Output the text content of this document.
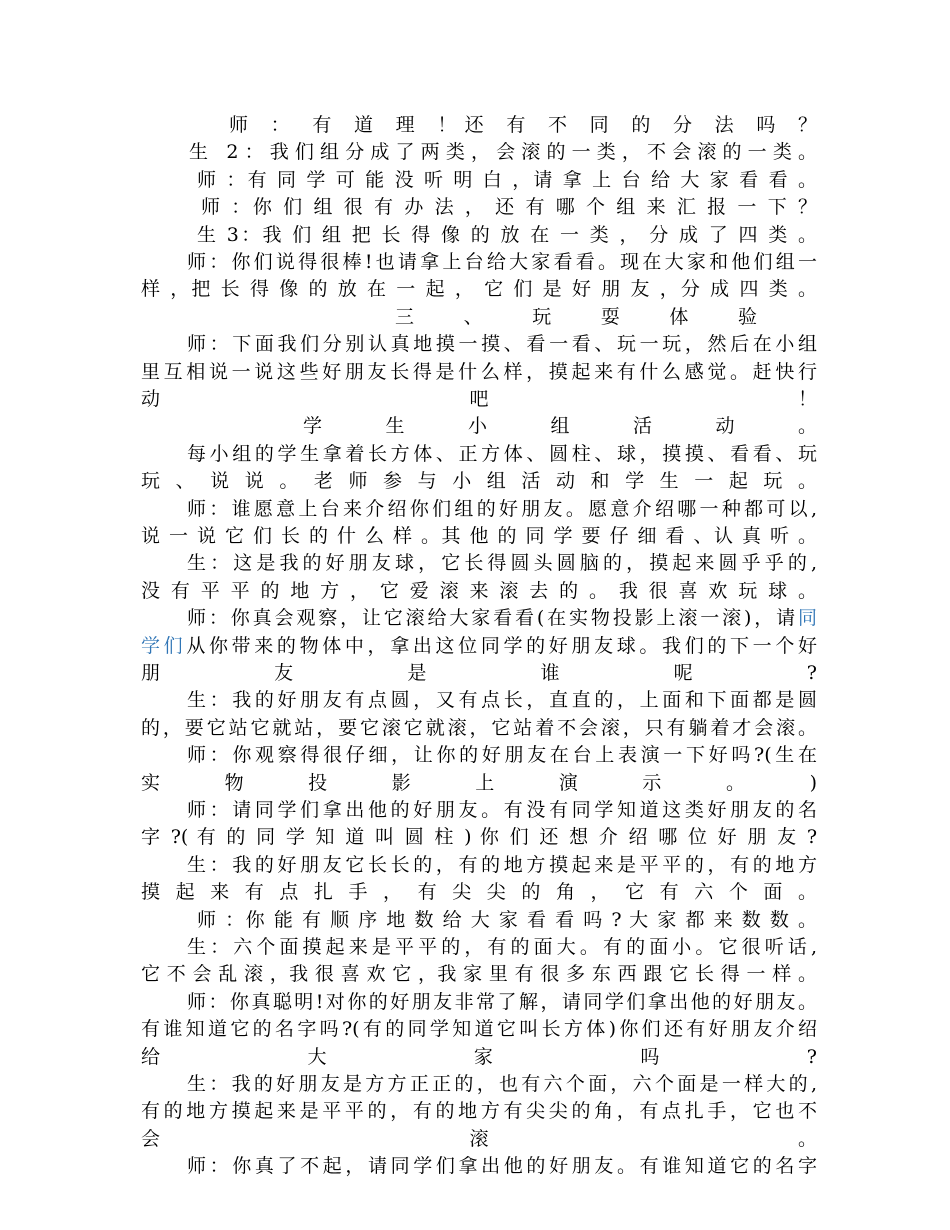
师 ： 有 道 理 ！还 有 不 同 的 分 法 吗 ？
生 2：我们组分成了两类，会滚的一类，不会滚的一类。
师 ：有 同 学 可 能 没 听 明 白 ，请 拿 上 台 给 大 家 看 看 。
师 ：你 们 组 很 有 办 法 ， 还 有 哪 个 组 来 汇 报 一 下 ？
生 3：我 们 组 把 长 得 像 的 放 在 一 类 ， 分 成 了 四 类 。
师：你们说得很棒!也请拿上台给大家看看。现在大家和他们组一
样 ，把 长 得 像 的 放 在 一 起 ， 它 们 是 好 朋 友 ，分 成 四 类 。
三 、 玩 耍 体 验
师：下面我们分别认真地摸一摸、看一看、玩一玩，然后在小组
里互相说一说这些好朋友长得是什么样，摸起来有什么感觉。赶快行
动 吧 ！
学 生 小 组 活 动 。
每小组的学生拿着长方体、正方体、圆柱、球，摸摸、看看、玩
玩 、 说 说 。 老 师 参 与 小 组 活 动 和 学 生 一 起 玩 。
师：谁愿意上台来介绍你们组的好朋友。愿意介绍哪一种都可以,
说 一 说 它 们 长 的 什 么 样 。其 他 的 同 学 要 仔 细 看 、认 真 听 。
生：这是我的好朋友球，它长得圆头圆脑的，摸起来圆乎乎的,
没 有 平 平 的 地 方 ， 它 爱 滚 来 滚 去 的 。 我 很 喜 欢 玩 球 。
师：你真会观察，让它滚给大家看看(在实物投影上滚一滚)，请同
学们从你带来的物体中，拿出这位同学的好朋友球。我们的下一个好
朋 友 是 谁 呢 ?
生：我的好朋友有点圆，又有点长，直直的，上面和下面都是圆
的，要它站它就站，要它滚它就滚，它站着不会滚，只有躺着才会滚。
师：你观察得很仔细，让你的好朋友在台上表演一下好吗?(生在
实 物 投 影 上 演 示 。 )
师：请同学们拿出他的好朋友。有没有同学知道这类好朋友的名
字 ?( 有 的 同 学 知 道 叫 圆 柱 ) 你 们 还 想 介 绍 哪 位 好 朋 友 ?
生：我的好朋友它长长的，有的地方摸起来是平平的，有的地方
摸 起 来 有 点 扎 手 ， 有 尖 尖 的 角 ， 它 有 六 个 面 。
师 ：你 能 有 顺 序 地 数 给 大 家 看 看 吗 ? 大 家 都 来 数 数 。
生：六个面摸起来是平平的，有的面大。有的面小。它很听话,
它 不 会 乱 滚 ，我 很 喜 欢 它 ，我 家 里 有 很 多 东 西 跟 它 长 得 一 样 。
师：你真聪明!对你的好朋友非常了解，请同学们拿出他的好朋友。
有谁知道它的名字吗?(有的同学知道它叫长方体)你们还有好朋友介绍
给 大 家 吗 ?
生：我的好朋友是方方正正的，也有六个面，六个面是一样大的,
有的地方摸起来是平平的，有的地方有尖尖的角，有点扎手，它也不
会 滚 。
师：你真了不起，请同学们拿出他的好朋友。有谁知道它的名字
